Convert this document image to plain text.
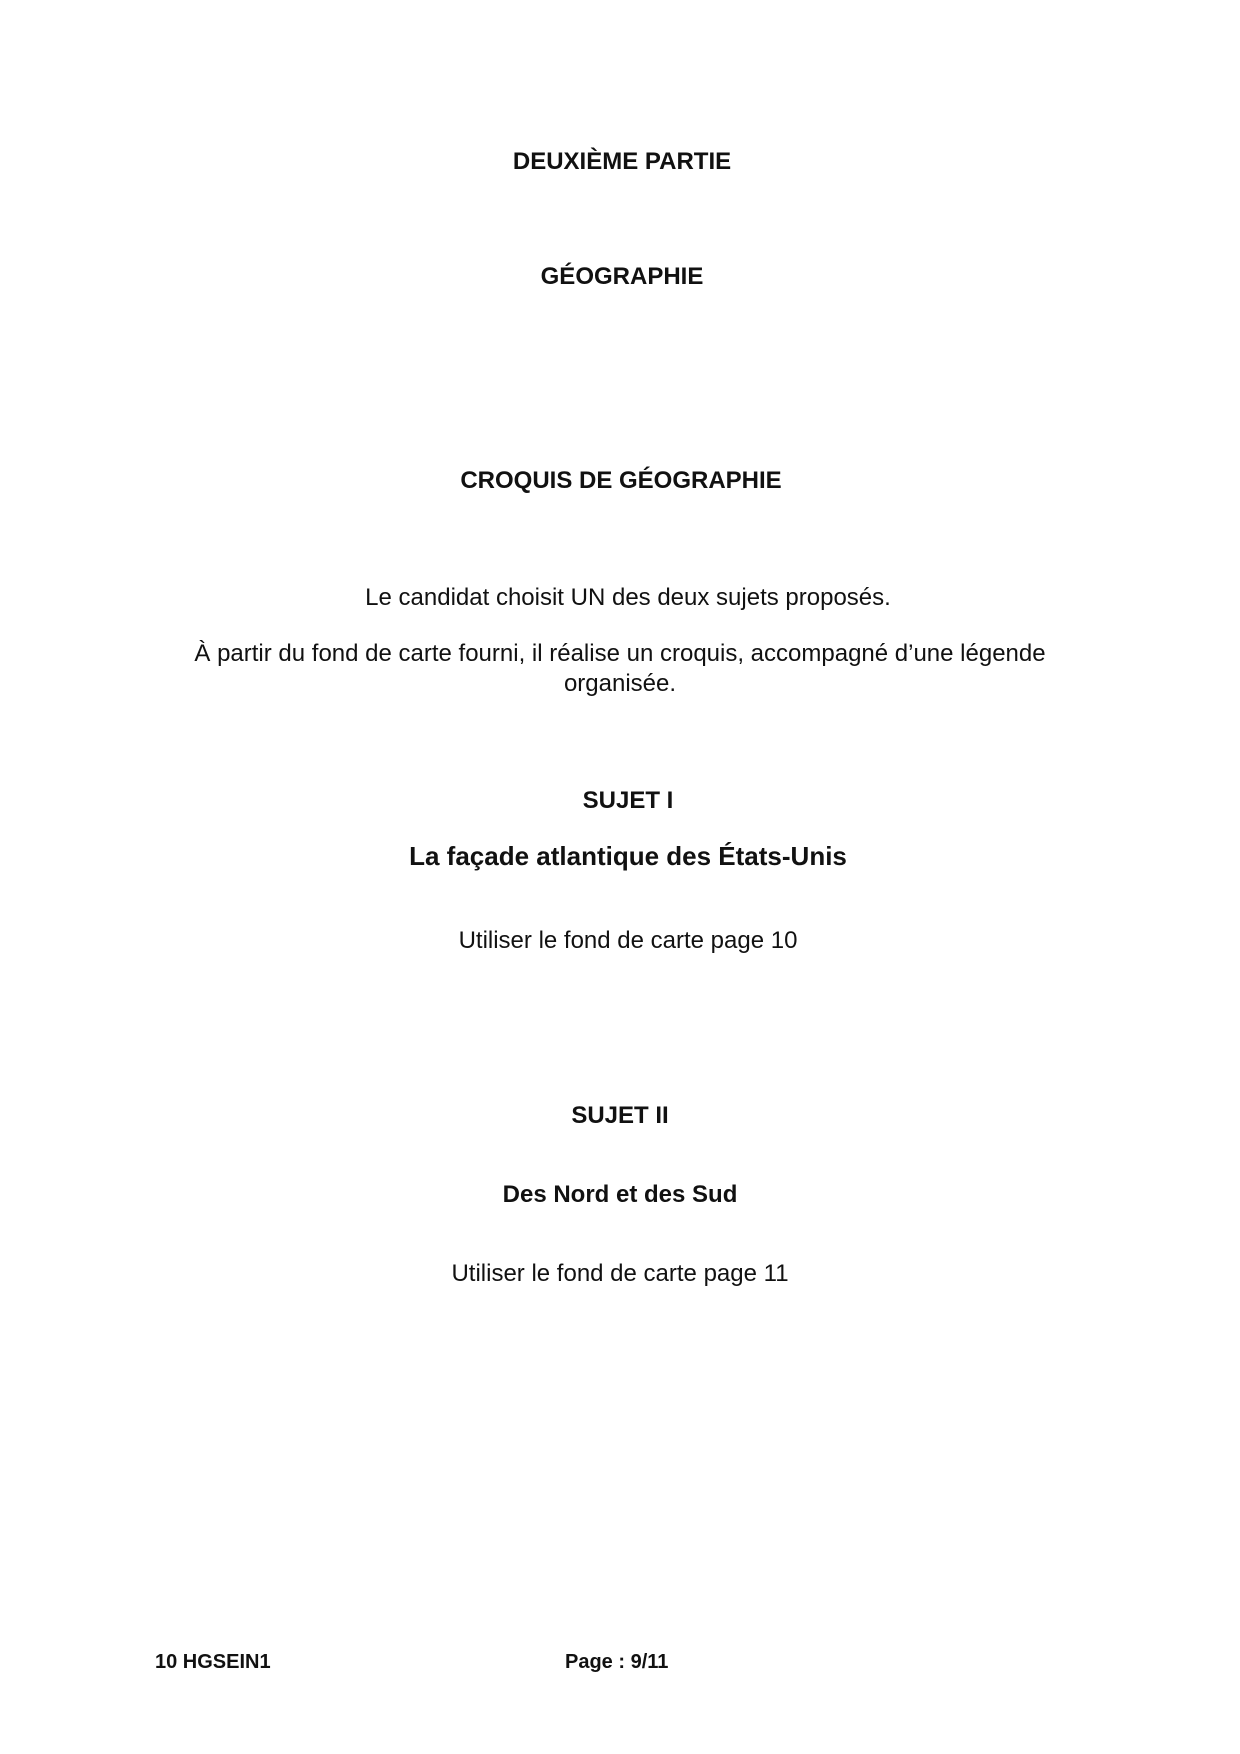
DEUXIÈME PARTIE
GÉOGRAPHIE
CROQUIS DE GÉOGRAPHIE
Le candidat choisit UN des deux sujets proposés.
À partir du fond de carte fourni, il réalise un croquis, accompagné d’une légende
organisée.
SUJET I
La façade atlantique des États-Unis
Utiliser le fond de carte page 10
SUJET II
Des Nord et des Sud
Utiliser le fond de carte page 11
10 HGSEIN1	Page : 9/11
